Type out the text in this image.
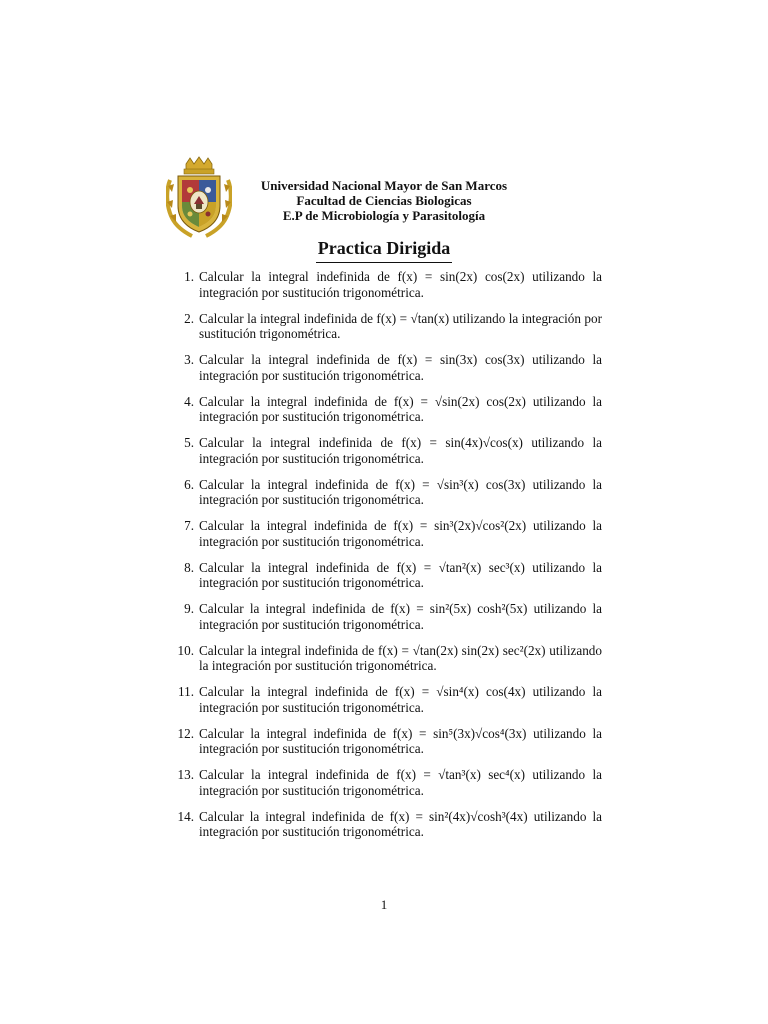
Universidad Nacional Mayor de San Marcos
Facultad de Ciencias Biologicas
E.P de Microbiología y Parasitología
Practica Dirigida
1. Calcular la integral indefinida de f(x) = sin(2x) cos(2x) utilizando la integración por sustitución trigonométrica.
2. Calcular la integral indefinida de f(x) = √tan(x) utilizando la integración por sustitución trigonométrica.
3. Calcular la integral indefinida de f(x) = sin(3x) cos(3x) utilizando la integración por sustitución trigonométrica.
4. Calcular la integral indefinida de f(x) = √sin(2x) cos(2x) utilizando la integración por sustitución trigonométrica.
5. Calcular la integral indefinida de f(x) = sin(4x)√cos(x) utilizando la integración por sustitución trigonométrica.
6. Calcular la integral indefinida de f(x) = √sin³(x) cos(3x) utilizando la integración por sustitución trigonométrica.
7. Calcular la integral indefinida de f(x) = sin³(2x)√cos²(2x) utilizando la integración por sustitución trigonométrica.
8. Calcular la integral indefinida de f(x) = √tan²(x) sec³(x) utilizando la integración por sustitución trigonométrica.
9. Calcular la integral indefinida de f(x) = sin²(5x) cosh²(5x) utilizando la integración por sustitución trigonométrica.
10. Calcular la integral indefinida de f(x) = √tan(2x) sin(2x) sec²(2x) utilizando la integración por sustitución trigonométrica.
11. Calcular la integral indefinida de f(x) = √sin⁴(x) cos(4x) utilizando la integración por sustitución trigonométrica.
12. Calcular la integral indefinida de f(x) = sin⁵(3x)√cos⁴(3x) utilizando la integración por sustitución trigonométrica.
13. Calcular la integral indefinida de f(x) = √tan³(x) sec⁴(x) utilizando la integración por sustitución trigonométrica.
14. Calcular la integral indefinida de f(x) = sin²(4x)√cosh³(4x) utilizando la integración por sustitución trigonométrica.
1
